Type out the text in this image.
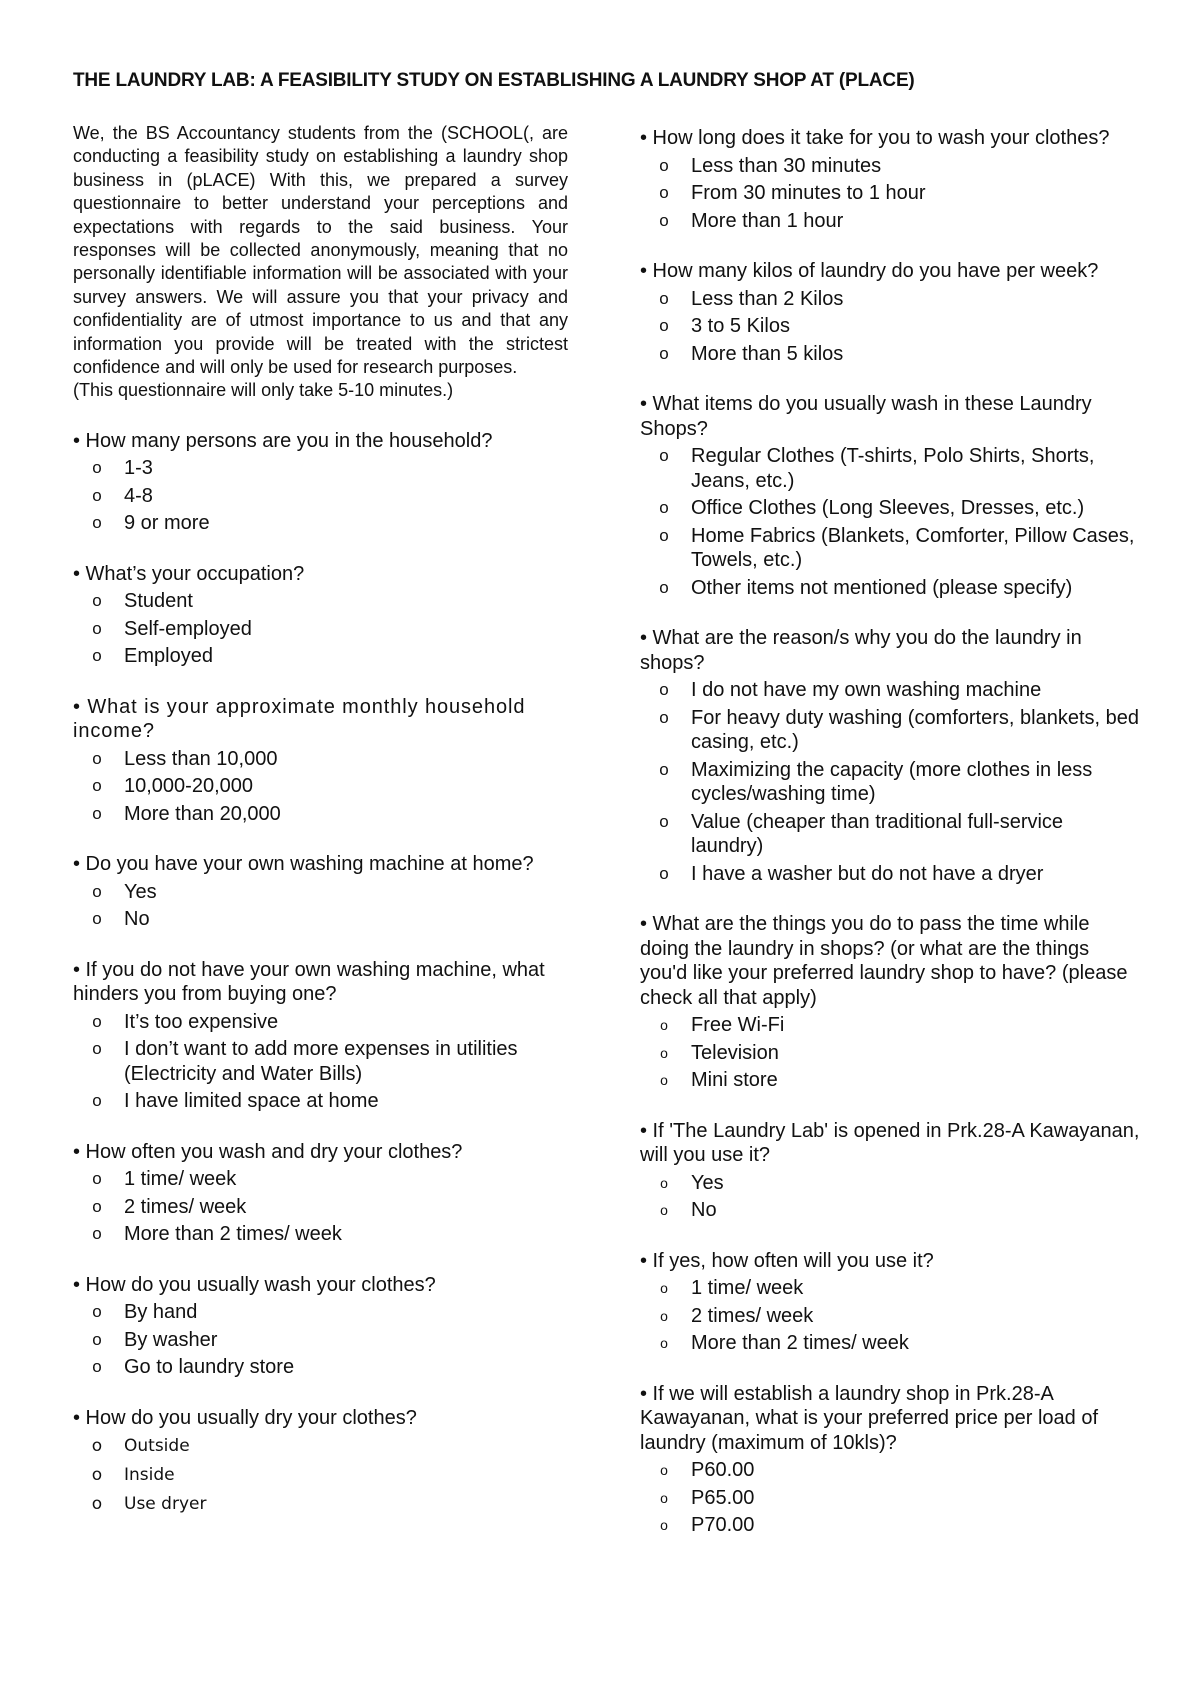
THE LAUNDRY LAB: A FEASIBILITY STUDY ON ESTABLISHING A LAUNDRY SHOP AT (PLACE)

We, the BS Accountancy students from the (SCHOOL(, are conducting a feasibility study on establishing a laundry shop business in (pLACE) With this, we prepared a survey questionnaire to better understand your perceptions and expectations with regards to the said business. Your responses will be collected anonymously, meaning that no personally identifiable information will be associated with your survey answers. We will assure you that your privacy and confidentiality are of utmost importance to us and that any information you provide will be treated with the strictest confidence and will only be used for research purposes.

(This questionnaire will only take 5-10 minutes.)

• How many persons are you in the household?

o 1-3
o 4-8
o 9 or more

• What’s your occupation?

o Student
o Self-employed
o Employed

• What is your approximate monthly household income?

o Less than 10,000
o 10,000-20,000
o More than 20,000

• Do you have your own washing machine at home?

o Yes
o No

• If you do not have your own washing machine, what hinders you from buying one?

o It’s too expensive
o I don’t want to add more expenses in utilities (Electricity and Water Bills)
o I have limited space at home

• How often you wash and dry your clothes?

o 1 time/ week
o 2 times/ week
o More than 2 times/ week

• How do you usually wash your clothes?

o By hand
o By washer
o Go to laundry store

• How do you usually dry your clothes?

o Outside
o Inside
o Use dryer

• How long does it take for you to wash your clothes?

o Less than 30 minutes
o From 30 minutes to 1 hour
o More than 1 hour

• How many kilos of laundry do you have per week?

o Less than 2 Kilos
o 3 to 5 Kilos
o More than 5 kilos

• What items do you usually wash in these Laundry Shops?

o Regular Clothes (T-shirts, Polo Shirts, Shorts, Jeans, etc.)
o Office Clothes (Long Sleeves, Dresses, etc.)
o Home Fabrics (Blankets, Comforter, Pillow Cases, Towels, etc.)
o Other items not mentioned (please specify)

• What are the reason/s why you do the laundry in shops?

o I do not have my own washing machine
o For heavy duty washing (comforters, blankets, bed casing, etc.)
o Maximizing the capacity (more clothes in less cycles/washing time)
o Value (cheaper than traditional full-service laundry)
o I have a washer but do not have a dryer

• What are the things you do to pass the time while doing the laundry in shops? (or what are the things you'd like your preferred laundry shop to have? (please check all that apply)

o Free Wi-Fi
o Television
o Mini store

• If 'The Laundry Lab' is opened in Prk.28-A Kawayanan, will you use it?

o Yes
o No

• If yes, how often will you use it?

o 1 time/ week
o 2 times/ week
o More than 2 times/ week

• If we will establish a laundry shop in Prk.28-A Kawayanan, what is your preferred price per load of laundry (maximum of 10kls)?

o P60.00
o P65.00
o P70.00
